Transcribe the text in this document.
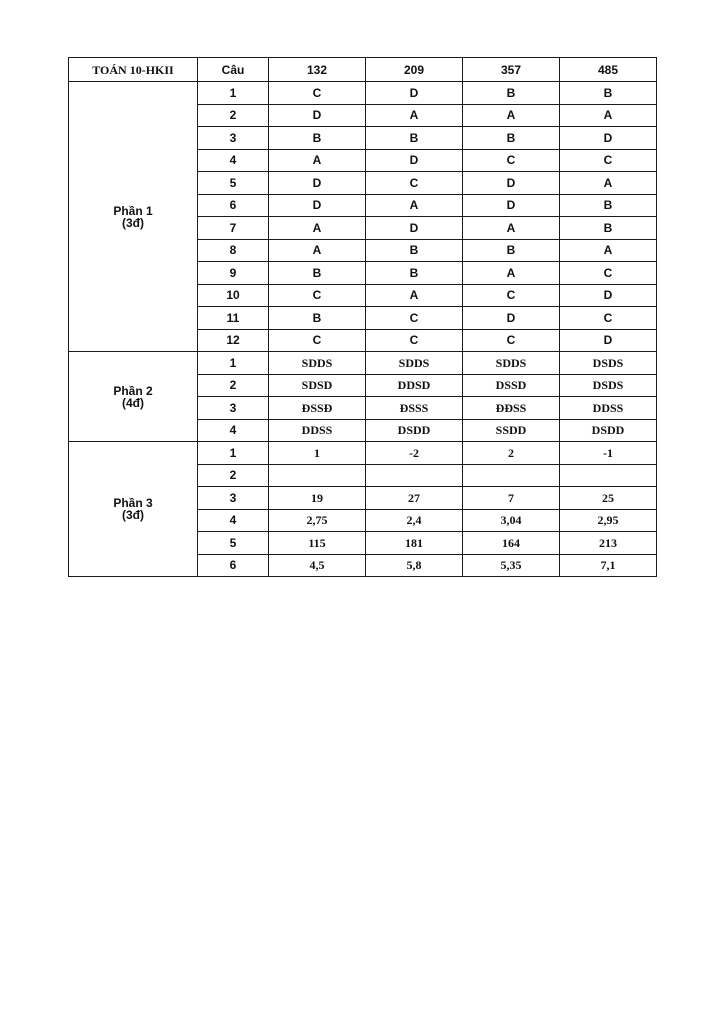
TOÁN 10-HKII	Câu	132	209	357	485

Phần 1
(3đ)	1	C	D	B	B
	2	D	A	A	A
	3	B	B	B	D
	4	A	D	C	C
	5	D	C	D	A
	6	D	A	D	B
	7	A	D	A	B
	8	A	B	B	A
	9	B	B	A	C
	10	C	A	C	D
	11	B	C	D	C
	12	C	C	C	D

Phần 2
(4đ)	1	SDDS	SDDS	SDDS	DSDS
	2	SDSD	DDSD	DSSD	DSDS
	3	ĐSSĐ	ĐSSS	ĐĐSS	DDSS
	4	DDSS	DSDD	SSDD	DSDD

Phần 3
(3đ)	1	1	-2	2	-1
	2				
	3	19	27	7	25
	4	2,75	2,4	3,04	2,95
	5	115	181	164	213
	6	4,5	5,8	5,35	7,1
